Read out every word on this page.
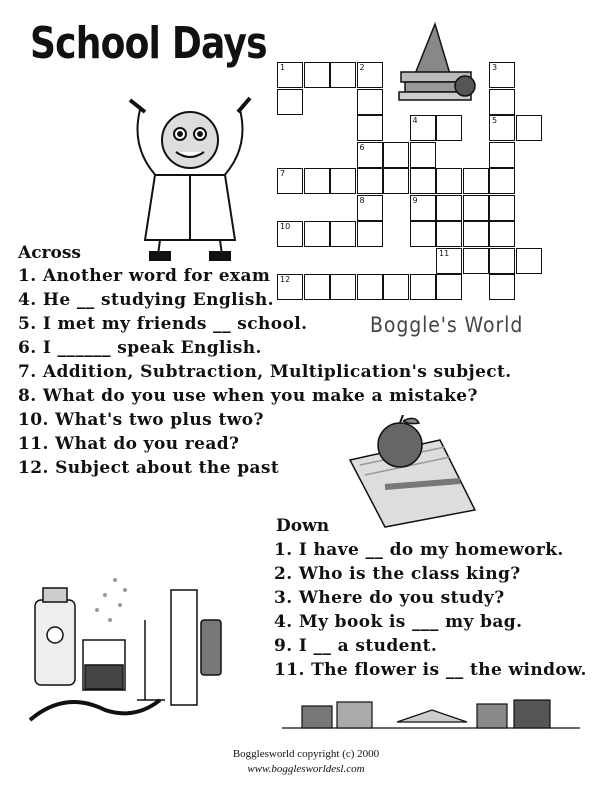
School Days 1	2	3
4	5
6
7
8	9
10
11
12
Boggle's World
Across
1. Another word for exam
4. He __ studying English.
5. I met my friends __ school.
6. I ______ speak English.
7. Addition, Subtraction, Multiplication's subject.
8. What do you use when you make a mistake?
10. What's two plus two?
11. What do you read?
12. Subject about the past
Down
1. I have __ do my homework.
2. Who is the class king?
3. Where do you study?
4. My book is ___ my bag.
9. I __ a student.
11. The flower is __ the window.
Bogglesworld copyright (c) 2000
www.bogglesworldesl.com
